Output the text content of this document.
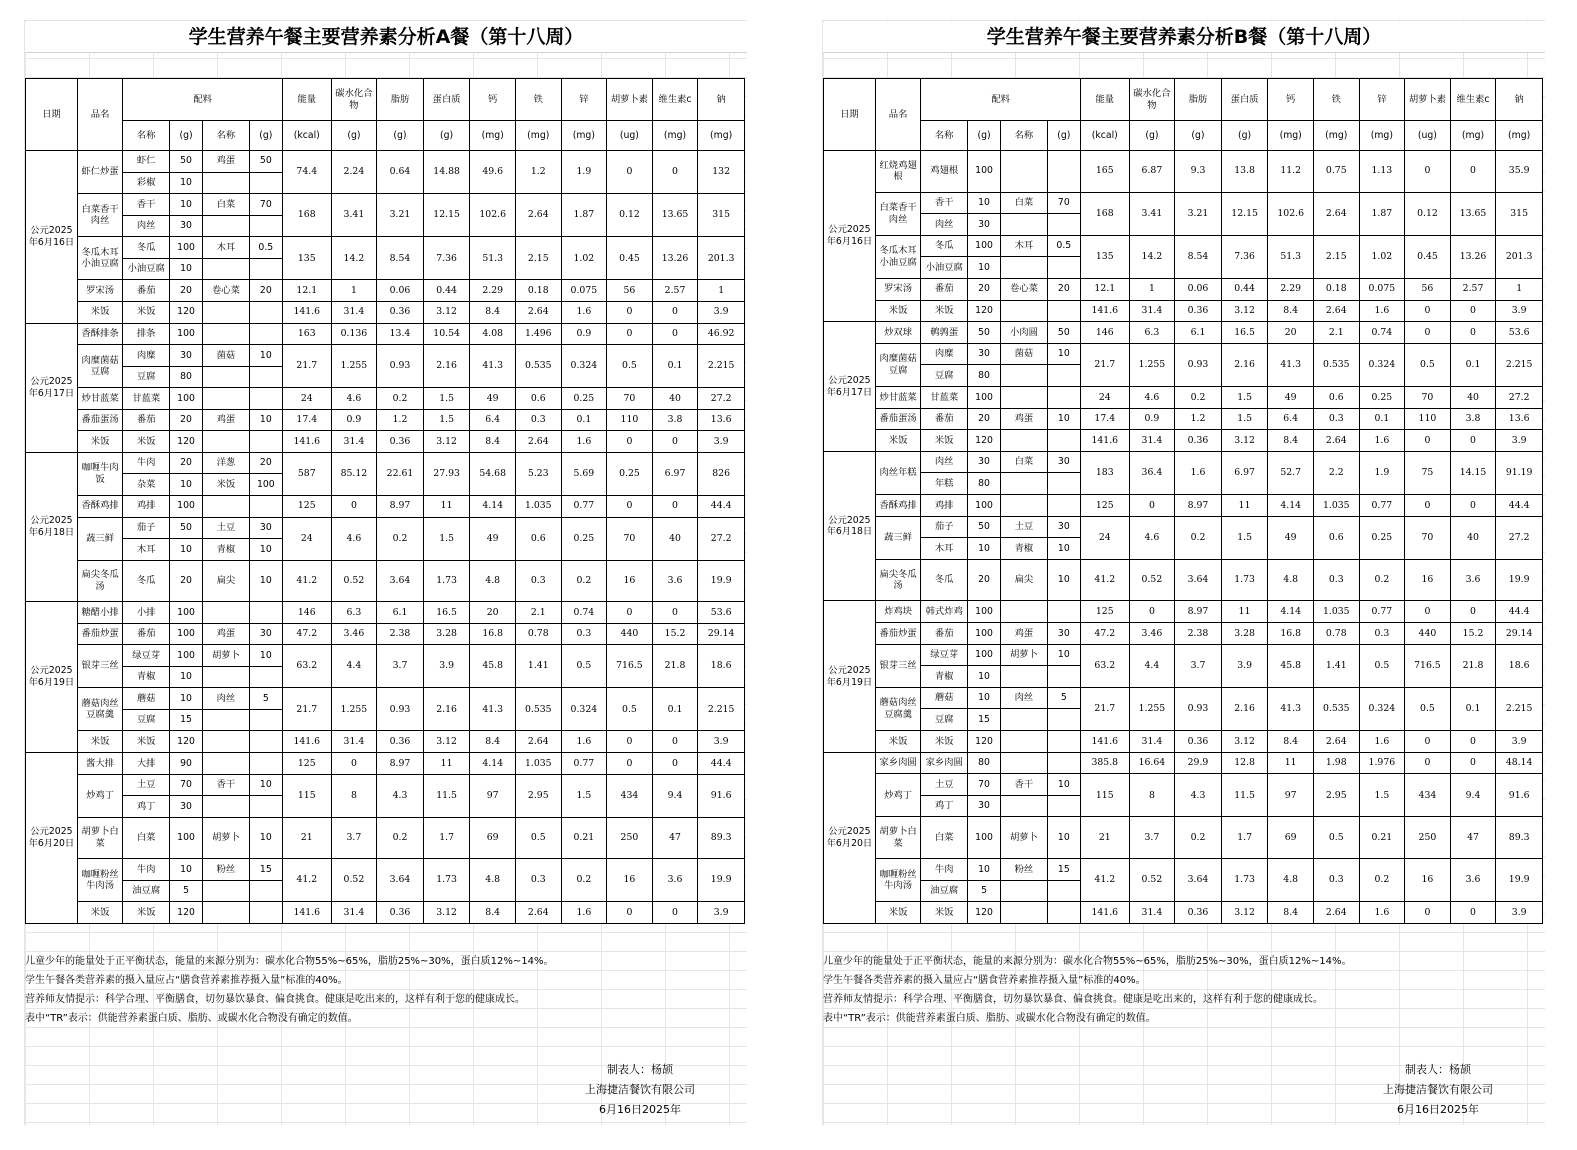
学生营养午餐主要营养素分析A餐（第十八周）
日期	品名	配料				能量	碳水化合物	脂肪	蛋白质	钙	铁	锌	胡萝卜素	维生素c	钠
		名称	(g)	名称	(g)	(kcal)	(g)	(g)	(g)	(mg)	(mg)	(mg)	(ug)	(mg)	(mg)
公元2025年6月16日	虾仁炒蛋	虾仁	50	鸡蛋	50	74.4	2.24	0.64	14.88	49.6	1.2	1.9	0	0	132
		彩椒	10												
	白菜香干肉丝	香干	10	白菜	70	168	3.41	3.21	12.15	102.6	2.64	1.87	0.12	13.65	315
		肉丝	30												
	冬瓜木耳小油豆腐	冬瓜	100	木耳	0.5	135	14.2	8.54	7.36	51.3	2.15	1.02	0.45	13.26	201.3
		小油豆腐	10												
	罗宋汤	番茄	20	卷心菜	20	12.1	1	0.06	0.44	2.29	0.18	0.075	56	2.57	1
	米饭	米饭	120			141.6	31.4	0.36	3.12	8.4	2.64	1.6	0	0	3.9
公元2025年6月17日	香酥排条	排条	100			163	0.136	13.4	10.54	4.08	1.496	0.9	0	0	46.92
	肉糜菌菇豆腐	肉糜	30	菌菇	10	21.7	1.255	0.93	2.16	41.3	0.535	0.324	0.5	0.1	2.215
		豆腐	80												
	炒甘蓝菜	甘蓝菜	100			24	4.6	0.2	1.5	49	0.6	0.25	70	40	27.2
	番茄蛋汤	番茄	20	鸡蛋	10	17.4	0.9	1.2	1.5	6.4	0.3	0.1	110	3.8	13.6
	米饭	米饭	120			141.6	31.4	0.36	3.12	8.4	2.64	1.6	0	0	3.9
公元2025年6月18日	咖喱牛肉饭	牛肉	20	洋葱	20	587	85.12	22.61	27.93	54.68	5.23	5.69	0.25	6.97	826
		杂菜	10	米饭	100										
	香酥鸡排	鸡排	100			125	0	8.97	11	4.14	1.035	0.77	0	0	44.4
	蔬三鲜	茄子	50	土豆	30	24	4.6	0.2	1.5	49	0.6	0.25	70	40	27.2
		木耳	10	青椒	10										
	扁尖冬瓜汤	冬瓜	20	扁尖	10	41.2	0.52	3.64	1.73	4.8	0.3	0.2	16	3.6	19.9
公元2025年6月19日	糖醋小排	小排	100			146	6.3	6.1	16.5	20	2.1	0.74	0	0	53.6
	番茄炒蛋	番茄	100	鸡蛋	30	47.2	3.46	2.38	3.28	16.8	0.78	0.3	440	15.2	29.14
	银芽三丝	绿豆芽	100	胡萝卜	10	63.2	4.4	3.7	3.9	45.8	1.41	0.5	716.5	21.8	18.6
		青椒	10												
	蘑菇肉丝豆腐羹	蘑菇	10	肉丝	5	21.7	1.255	0.93	2.16	41.3	0.535	0.324	0.5	0.1	2.215
		豆腐	15												
	米饭	米饭	120			141.6	31.4	0.36	3.12	8.4	2.64	1.6	0	0	3.9
公元2025年6月20日	酱大排	大排	90			125	0	8.97	11	4.14	1.035	0.77	0	0	44.4
	炒鸡丁	土豆	70	香干	10	115	8	4.3	11.5	97	2.95	1.5	434	9.4	91.6
		鸡丁	30												
	胡萝卜白菜	白菜	100	胡萝卜	10	21	3.7	0.2	1.7	69	0.5	0.21	250	47	89.3
	咖喱粉丝牛肉汤	牛肉	10	粉丝	15	41.2	0.52	3.64	1.73	4.8	0.3	0.2	16	3.6	19.9
		油豆腐	5												
	米饭	米饭	120			141.6	31.4	0.36	3.12	8.4	2.64	1.6	0	0	3.9
儿童少年的能量处于正平衡状态，能量的来源分别为：碳水化合物55%~65%，脂肪25%~30%，蛋白质12%~14%。
学生午餐各类营养素的摄入量应占“膳食营养素推荐摄入量”标准的40%。
营养师友情提示：科学合理、平衡膳食，切勿暴饮暴食、偏食挑食。健康是吃出来的，这样有利于您的健康成长。
表中“TR”表示：供能营养素蛋白质、脂肪、或碳水化合物没有确定的数值。
制表人：杨颉
上海捷洁餐饮有限公司
6月16日2025年
学生营养午餐主要营养素分析B餐（第十八周）
日期	品名	配料				能量	碳水化合物	脂肪	蛋白质	钙	铁	锌	胡萝卜素	维生素c	钠
		名称	(g)	名称	(g)	(kcal)	(g)	(g)	(g)	(mg)	(mg)	(mg)	(ug)	(mg)	(mg)
公元2025年6月16日	红烧鸡翅根	鸡翅根	100			165	6.87	9.3	13.8	11.2	0.75	1.13	0	0	35.9
	白菜香干肉丝	香干	10	白菜	70	168	3.41	3.21	12.15	102.6	2.64	1.87	0.12	13.65	315
		肉丝	30												
	冬瓜木耳小油豆腐	冬瓜	100	木耳	0.5	135	14.2	8.54	7.36	51.3	2.15	1.02	0.45	13.26	201.3
		小油豆腐	10												
	罗宋汤	番茄	20	卷心菜	20	12.1	1	0.06	0.44	2.29	0.18	0.075	56	2.57	1
	米饭	米饭	120			141.6	31.4	0.36	3.12	8.4	2.64	1.6	0	0	3.9
公元2025年6月17日	炒双球	鹌鹑蛋	50	小肉圆	50	146	6.3	6.1	16.5	20	2.1	0.74	0	0	53.6
	肉糜菌菇豆腐	肉糜	30	菌菇	10	21.7	1.255	0.93	2.16	41.3	0.535	0.324	0.5	0.1	2.215
		豆腐	80												
	炒甘蓝菜	甘蓝菜	100			24	4.6	0.2	1.5	49	0.6	0.25	70	40	27.2
	番茄蛋汤	番茄	20	鸡蛋	10	17.4	0.9	1.2	1.5	6.4	0.3	0.1	110	3.8	13.6
	米饭	米饭	120			141.6	31.4	0.36	3.12	8.4	2.64	1.6	0	0	3.9
公元2025年6月18日	肉丝年糕	肉丝	30	白菜	30	183	36.4	1.6	6.97	52.7	2.2	1.9	75	14.15	91.19
		年糕	80												
	香酥鸡排	鸡排	100			125	0	8.97	11	4.14	1.035	0.77	0	0	44.4
	蔬三鲜	茄子	50	土豆	30	24	4.6	0.2	1.5	49	0.6	0.25	70	40	27.2
		木耳	10	青椒	10										
	扁尖冬瓜汤	冬瓜	20	扁尖	10	41.2	0.52	3.64	1.73	4.8	0.3	0.2	16	3.6	19.9
公元2025年6月19日	炸鸡块	韩式炸鸡	100			125	0	8.97	11	4.14	1.035	0.77	0	0	44.4
	番茄炒蛋	番茄	100	鸡蛋	30	47.2	3.46	2.38	3.28	16.8	0.78	0.3	440	15.2	29.14
	银芽三丝	绿豆芽	100	胡萝卜	10	63.2	4.4	3.7	3.9	45.8	1.41	0.5	716.5	21.8	18.6
		青椒	10												
	蘑菇肉丝豆腐羹	蘑菇	10	肉丝	5	21.7	1.255	0.93	2.16	41.3	0.535	0.324	0.5	0.1	2.215
		豆腐	15												
	米饭	米饭	120			141.6	31.4	0.36	3.12	8.4	2.64	1.6	0	0	3.9
公元2025年6月20日	家乡肉圆	家乡肉圆	80			385.8	16.64	29.9	12.8	11	1.98	1.976	0	0	48.14
	炒鸡丁	土豆	70	香干	10	115	8	4.3	11.5	97	2.95	1.5	434	9.4	91.6
		鸡丁	30												
	胡萝卜白菜	白菜	100	胡萝卜	10	21	3.7	0.2	1.7	69	0.5	0.21	250	47	89.3
	咖喱粉丝牛肉汤	牛肉	10	粉丝	15	41.2	0.52	3.64	1.73	4.8	0.3	0.2	16	3.6	19.9
		油豆腐	5												
	米饭	米饭	120			141.6	31.4	0.36	3.12	8.4	2.64	1.6	0	0	3.9
儿童少年的能量处于正平衡状态，能量的来源分别为：碳水化合物55%~65%，脂肪25%~30%，蛋白质12%~14%。
学生午餐各类营养素的摄入量应占“膳食营养素推荐摄入量”标准的40%。
营养师友情提示：科学合理、平衡膳食，切勿暴饮暴食、偏食挑食。健康是吃出来的，这样有利于您的健康成长。
表中“TR”表示：供能营养素蛋白质、脂肪、或碳水化合物没有确定的数值。
制表人：杨颉
上海捷洁餐饮有限公司
6月16日2025年
